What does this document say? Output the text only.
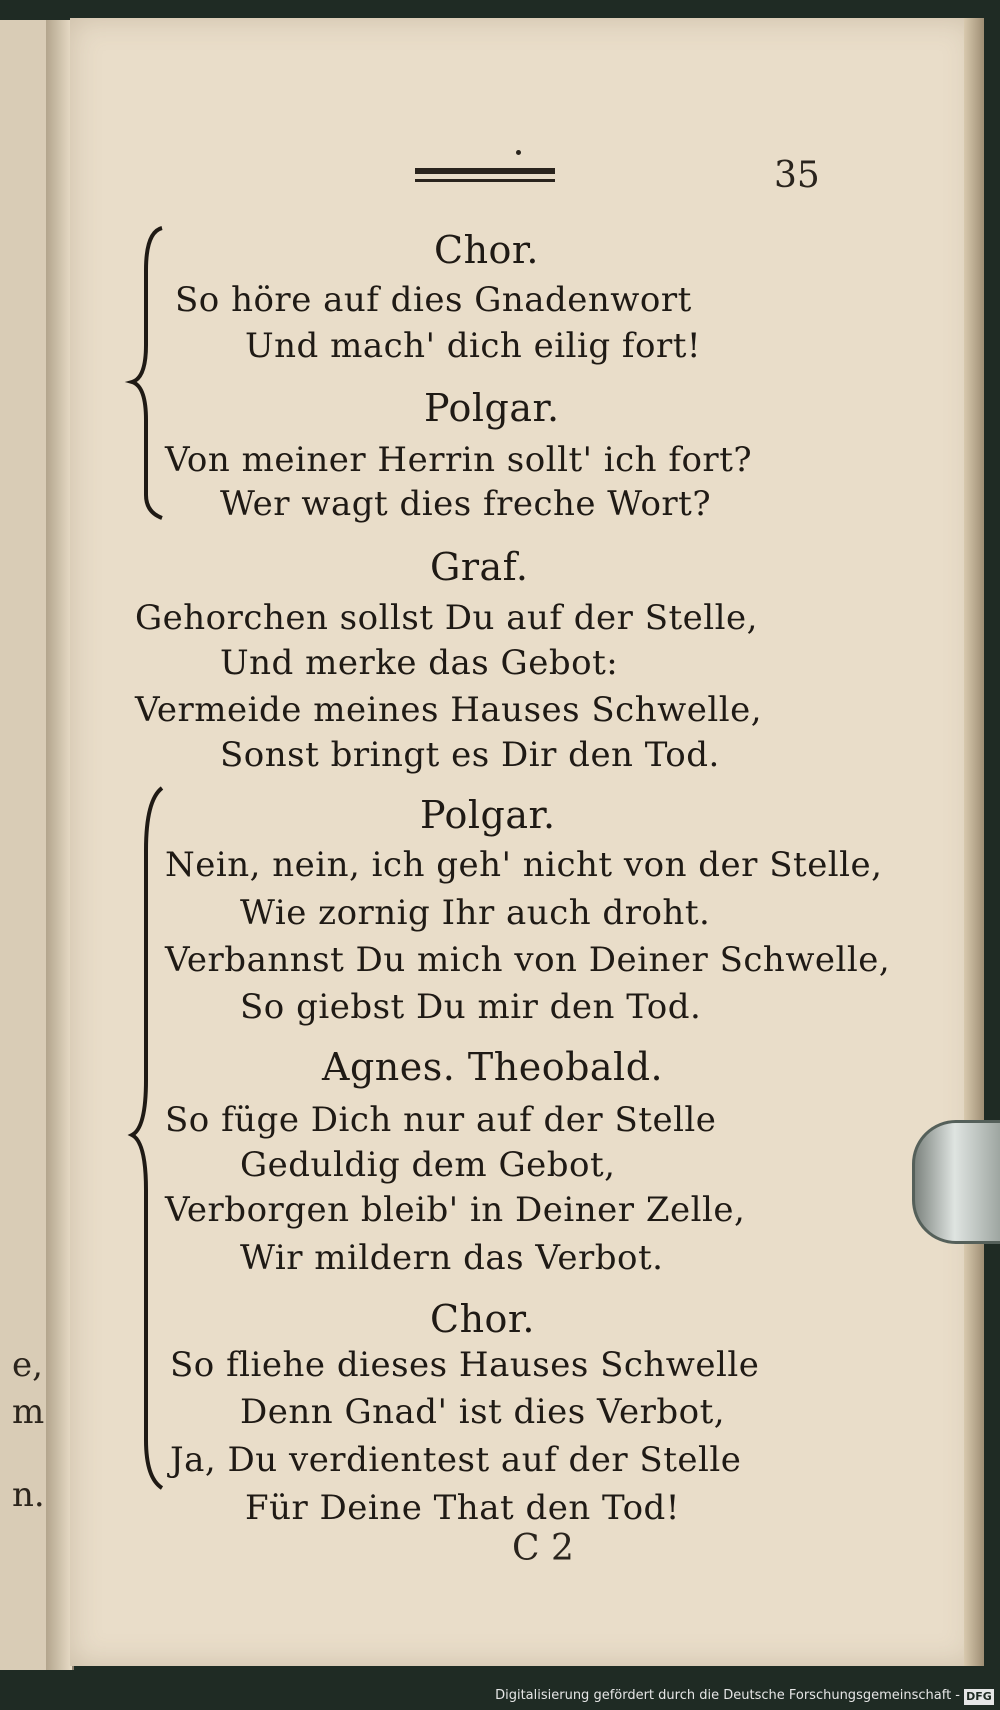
e,
m
n.
35
Chor.
So höre auf dies Gnadenwort
Und mach' dich eilig fort!
Polgar.
Von meiner Herrin sollt' ich fort?
Wer wagt dies freche Wort?
Graf.
Gehorchen sollst Du auf der Stelle,
Und merke das Gebot:
Vermeide meines Hauses Schwelle,
Sonst bringt es Dir den Tod.
Polgar.
Nein, nein, ich geh' nicht von der Stelle,
Wie zornig Ihr auch droht.
Verbannst Du mich von Deiner Schwelle,
So giebst Du mir den Tod.
Agnes. Theobald.
So füge Dich nur auf der Stelle
Geduldig dem Gebot,
Verborgen bleib' in Deiner Zelle,
Wir mildern das Verbot.
Chor.
So fliehe dieses Hauses Schwelle
Denn Gnad' ist dies Verbot,
Ja, Du verdientest auf der Stelle
Für Deine That den Tod!
C 2
Digitalisierung gefördert durch die Deutsche Forschungsgemeinschaft - DFG
